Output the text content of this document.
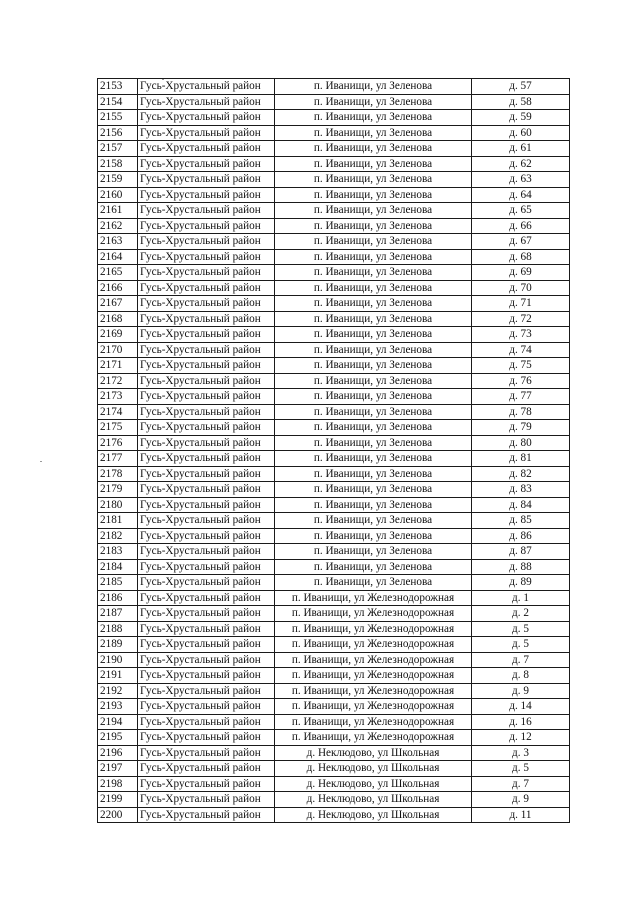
2153	Гусь-Хрустальный район	п. Иванищи, ул Зеленова	д. 57
2154	Гусь-Хрустальный район	п. Иванищи, ул Зеленова	д. 58
2155	Гусь-Хрустальный район	п. Иванищи, ул Зеленова	д. 59
2156	Гусь-Хрустальный район	п. Иванищи, ул Зеленова	д. 60
2157	Гусь-Хрустальный район	п. Иванищи, ул Зеленова	д. 61
2158	Гусь-Хрустальный район	п. Иванищи, ул Зеленова	д. 62
2159	Гусь-Хрустальный район	п. Иванищи, ул Зеленова	д. 63
2160	Гусь-Хрустальный район	п. Иванищи, ул Зеленова	д. 64
2161	Гусь-Хрустальный район	п. Иванищи, ул Зеленова	д. 65
2162	Гусь-Хрустальный район	п. Иванищи, ул Зеленова	д. 66
2163	Гусь-Хрустальный район	п. Иванищи, ул Зеленова	д. 67
2164	Гусь-Хрустальный район	п. Иванищи, ул Зеленова	д. 68
2165	Гусь-Хрустальный район	п. Иванищи, ул Зеленова	д. 69
2166	Гусь-Хрустальный район	п. Иванищи, ул Зеленова	д. 70
2167	Гусь-Хрустальный район	п. Иванищи, ул Зеленова	д. 71
2168	Гусь-Хрустальный район	п. Иванищи, ул Зеленова	д. 72
2169	Гусь-Хрустальный район	п. Иванищи, ул Зеленова	д. 73
2170	Гусь-Хрустальный район	п. Иванищи, ул Зеленова	д. 74
2171	Гусь-Хрустальный район	п. Иванищи, ул Зеленова	д. 75
2172	Гусь-Хрустальный район	п. Иванищи, ул Зеленова	д. 76
2173	Гусь-Хрустальный район	п. Иванищи, ул Зеленова	д. 77
2174	Гусь-Хрустальный район	п. Иванищи, ул Зеленова	д. 78
2175	Гусь-Хрустальный район	п. Иванищи, ул Зеленова	д. 79
2176	Гусь-Хрустальный район	п. Иванищи, ул Зеленова	д. 80
2177	Гусь-Хрустальный район	п. Иванищи, ул Зеленова	д. 81
2178	Гусь-Хрустальный район	п. Иванищи, ул Зеленова	д. 82
2179	Гусь-Хрустальный район	п. Иванищи, ул Зеленова	д. 83
2180	Гусь-Хрустальный район	п. Иванищи, ул Зеленова	д. 84
2181	Гусь-Хрустальный район	п. Иванищи, ул Зеленова	д. 85
2182	Гусь-Хрустальный район	п. Иванищи, ул Зеленова	д. 86
2183	Гусь-Хрустальный район	п. Иванищи, ул Зеленова	д. 87
2184	Гусь-Хрустальный район	п. Иванищи, ул Зеленова	д. 88
2185	Гусь-Хрустальный район	п. Иванищи, ул Зеленова	д. 89
2186	Гусь-Хрустальный район	п. Иванищи, ул Железнодорожная	д. 1
2187	Гусь-Хрустальный район	п. Иванищи, ул Железнодорожная	д. 2
2188	Гусь-Хрустальный район	п. Иванищи, ул Железнодорожная	д. 5
2189	Гусь-Хрустальный район	п. Иванищи, ул Железнодорожная	д. 5
2190	Гусь-Хрустальный район	п. Иванищи, ул Железнодорожная	д. 7
2191	Гусь-Хрустальный район	п. Иванищи, ул Железнодорожная	д. 8
2192	Гусь-Хрустальный район	п. Иванищи, ул Железнодорожная	д. 9
2193	Гусь-Хрустальный район	п. Иванищи, ул Железнодорожная	д. 14
2194	Гусь-Хрустальный район	п. Иванищи, ул Железнодорожная	д. 16
2195	Гусь-Хрустальный район	п. Иванищи, ул Железнодорожная	д. 12
2196	Гусь-Хрустальный район	д. Неклюдово, ул Школьная	д. 3
2197	Гусь-Хрустальный район	д. Неклюдово, ул Школьная	д. 5
2198	Гусь-Хрустальный район	д. Неклюдово, ул Школьная	д. 7
2199	Гусь-Хрустальный район	д. Неклюдово, ул Школьная	д. 9
2200	Гусь-Хрустальный район	д. Неклюдово, ул Школьная	д. 11
